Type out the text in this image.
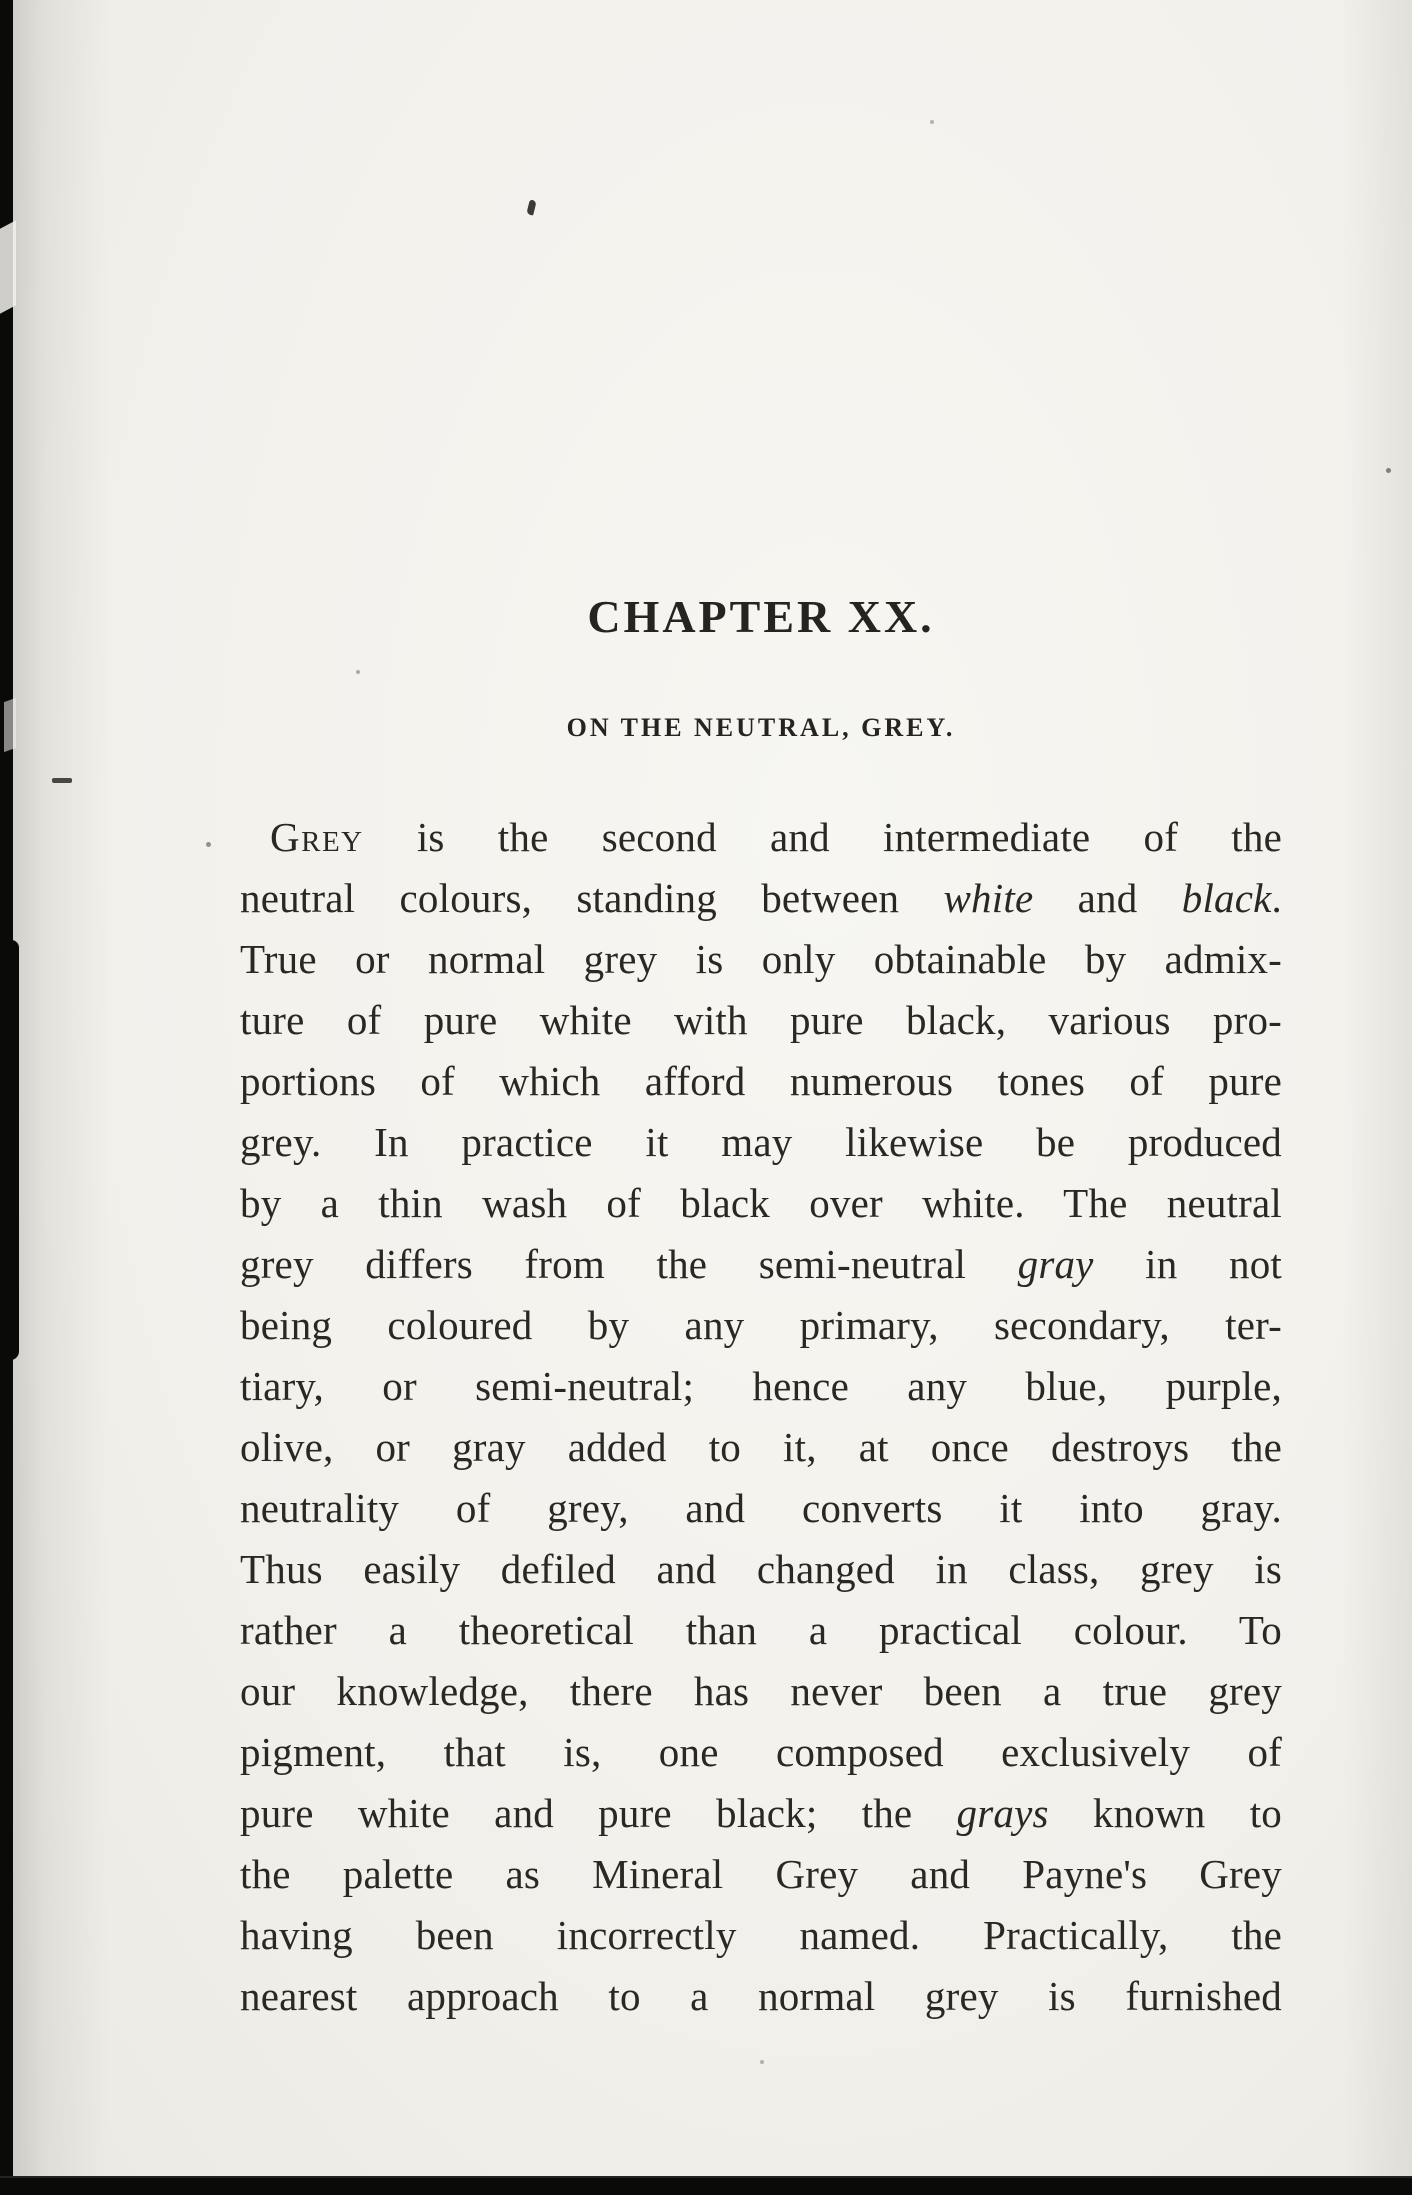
CHAPTER XX.
ON THE NEUTRAL, GREY.
Grey is the second and intermediate of the
neutral colours, standing between white and black.
True or normal grey is only obtainable by admix-
ture of pure white with pure black, various pro-
portions of which afford numerous tones of pure
grey. In practice it may likewise be produced
by a thin wash of black over white. The neutral
grey differs from the semi-neutral gray in not
being coloured by any primary, secondary, ter-
tiary, or semi-neutral; hence any blue, purple,
olive, or gray added to it, at once destroys the
neutrality of grey, and converts it into gray.
Thus easily defiled and changed in class, grey is
rather a theoretical than a practical colour. To
our knowledge, there has never been a true grey
pigment, that is, one composed exclusively of
pure white and pure black; the grays known to
the palette as Mineral Grey and Payne's Grey
having been incorrectly named. Practically, the
nearest approach to a normal grey is furnished
